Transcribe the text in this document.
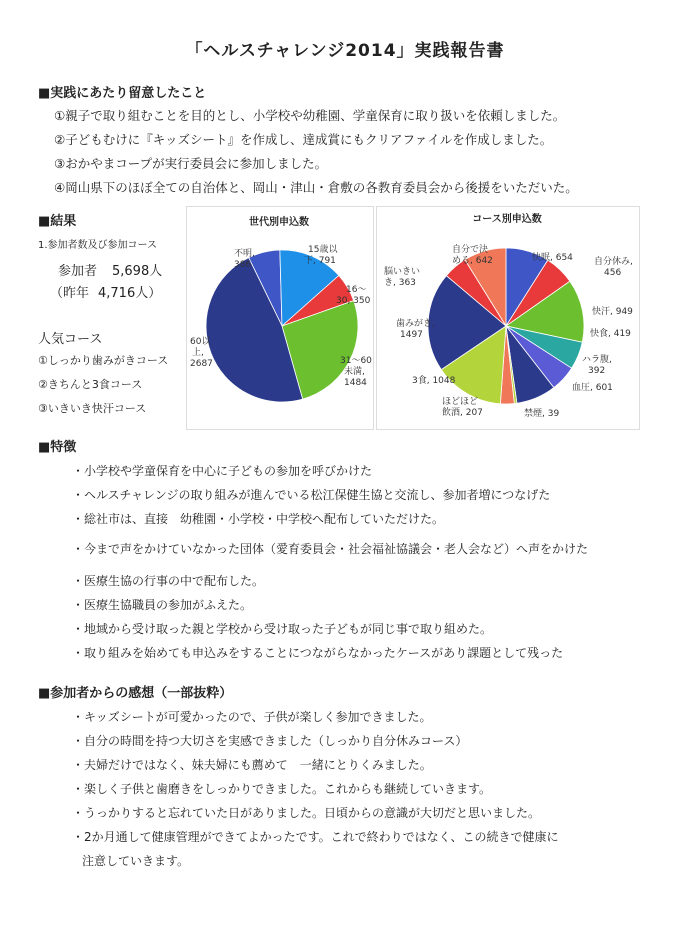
「ヘルスチャレンジ2014」実践報告書
■実践にあたり留意したこと
①親子で取り組むことを目的とし、小学校や幼稚園、学童保育に取り扱いを依頼しました。
②子どもむけに『キッズシート』を作成し、達成賞にもクリアファイルを作成しました。
③おかやまコープが実行委員会に参加しました。
④岡山県下のほぼ全ての自治体と、岡山・津山・倉敷の各教育委員会から後援をいただいた。
■結果
1.参加者数及び参加コース
参加者 5,698人
（昨年 4,716人）
人気コース
①しっかり歯みがきコース
②きちんと3食コース
③いきいき快汗コース
世代別申込数
不明, 386
15歳以下, 791
16～ 30, 350
31～60 未満, 1484
60以上, 2687
コース別申込数
快眠, 654 自分休み, 456
快汗, 949
快食, 419
ハラ腹, 392
血圧, 601
禁煙, 39
ほどほど飲酒, 207
3食, 1048
歯みがき, 1497
脳いきいき, 363
自分で決める, 642
■特徴
・小学校や学童保育を中心に子どもの参加を呼びかけた
・ヘルスチャレンジの取り組みが進んでいる松江保健生協と交流し、参加者増につなげた
・総社市は、直接　幼稚園・小学校・中学校へ配布していただけた。
・今まで声をかけていなかった団体（愛育委員会・社会福祉協議会・老人会など）へ声をかけた
・医療生協の行事の中で配布した。
・医療生協職員の参加がふえた。
・地域から受け取った親と学校から受け取った子どもが同じ事で取り組めた。
・取り組みを始めても申込みをすることにつながらなかったケースがあり課題として残った
■参加者からの感想（一部抜粋）
・キッズシートが可愛かったので、子供が楽しく参加できました。
・自分の時間を持つ大切さを実感できました（しっかり自分休みコース）
・夫婦だけではなく、妹夫婦にも薦めて　一緒にとりくみました。
・楽しく子供と歯磨きをしっかりできました。これからも継続していきます。
・うっかりすると忘れていた日がありました。日頃からの意識が大切だと思いました。
・2か月通して健康管理ができてよかったです。これで終わりではなく、この続きで健康に
注意していきます。
